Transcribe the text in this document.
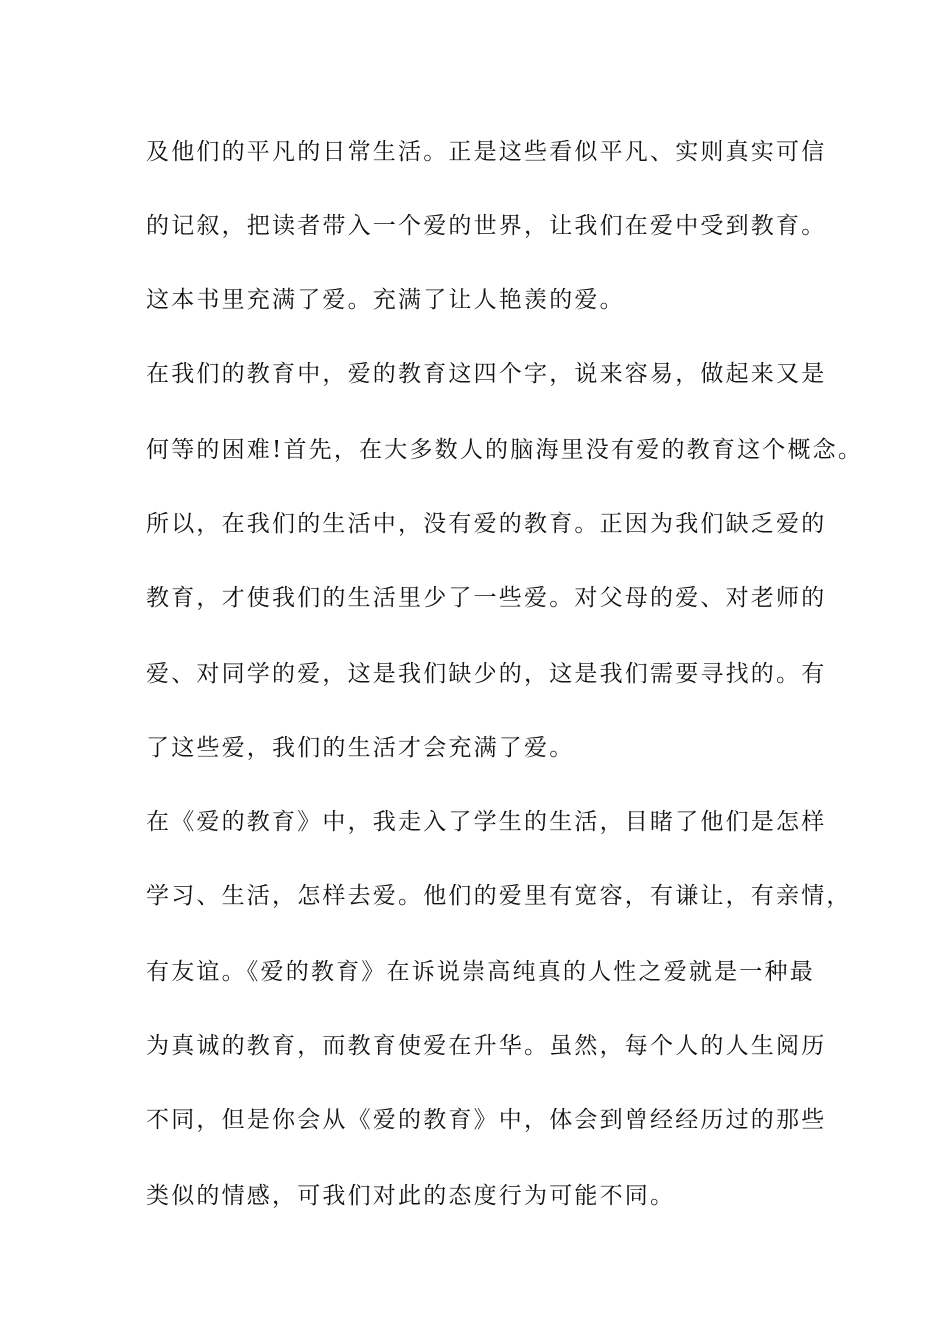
及他们的平凡的日常生活。正是这些看似平凡、实则真实可信
的记叙，把读者带入一个爱的世界，让我们在爱中受到教育。
这本书里充满了爱。充满了让人艳羡的爱。
在我们的教育中，爱的教育这四个字，说来容易，做起来又是
何等的困难!首先，在大多数人的脑海里没有爱的教育这个概念。
所以，在我们的生活中，没有爱的教育。正因为我们缺乏爱的
教育，才使我们的生活里少了一些爱。对父母的爱、对老师的
爱、对同学的爱，这是我们缺少的，这是我们需要寻找的。有
了这些爱，我们的生活才会充满了爱。
在《爱的教育》中，我走入了学生的生活，目睹了他们是怎样
学习、生活，怎样去爱。他们的爱里有宽容，有谦让，有亲情，
有友谊。《爱的教育》在诉说崇高纯真的人性之爱就是一种最
为真诚的教育，而教育使爱在升华。虽然，每个人的人生阅历
不同，但是你会从《爱的教育》中，体会到曾经经历过的那些
类似的情感，可我们对此的态度行为可能不同。
